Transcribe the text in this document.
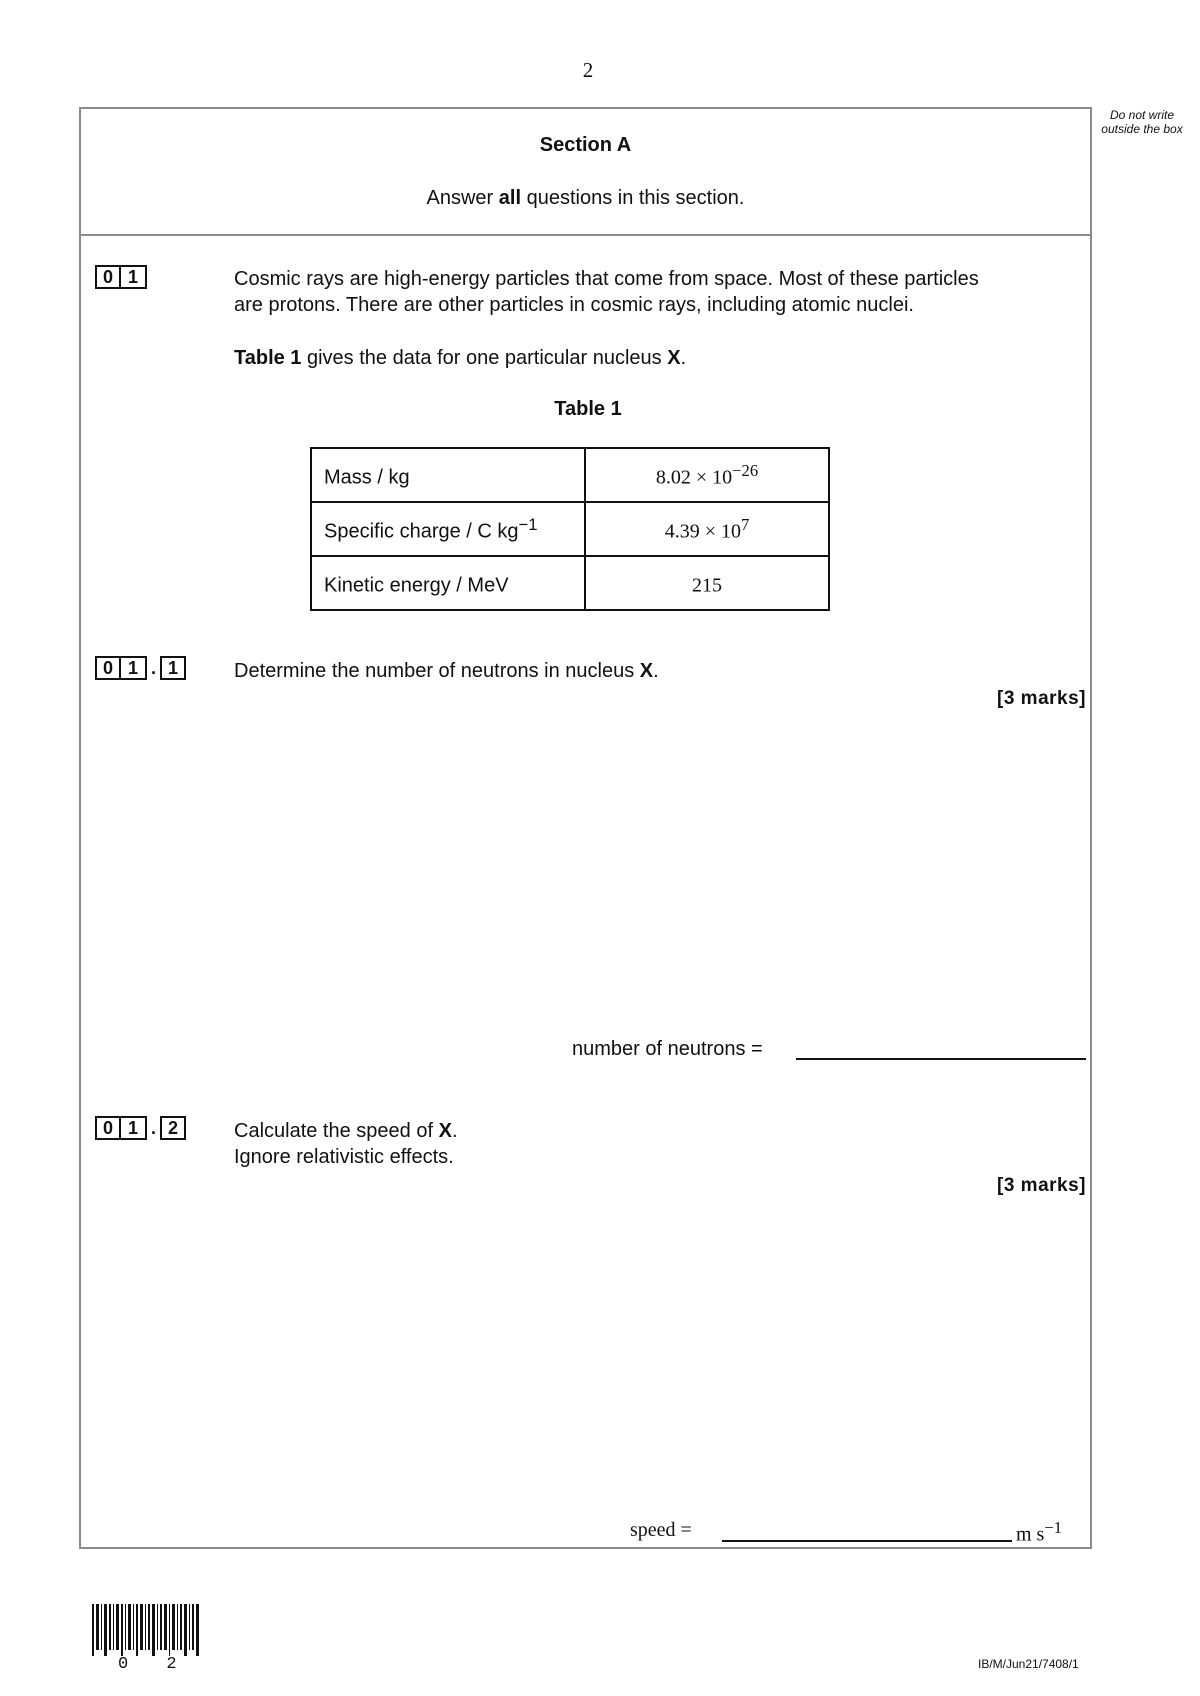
2
Do not write outside the box
Section A
Answer all questions in this section.
0 1	Cosmic rays are high-energy particles that come from space. Most of these particles
are protons. There are other particles in cosmic rays, including atomic nuclei.
Table 1 gives the data for one particular nucleus X.
Table 1
Mass / kg	$8.02 \times 10^{-26}$
Specific charge / C $kg^{-1}$	$4.39 \times 10^7$
Kinetic energy / MeV	215
0 1 . 1	Determine the number of neutrons in nucleus X.
[3 marks]
number of neutrons =
0 1 . 2	Calculate the speed of X.
Ignore relativistic effects.
[3 marks]
speed =	m $s^{-1}$
0 2	IB/M/Jun21/7408/1
